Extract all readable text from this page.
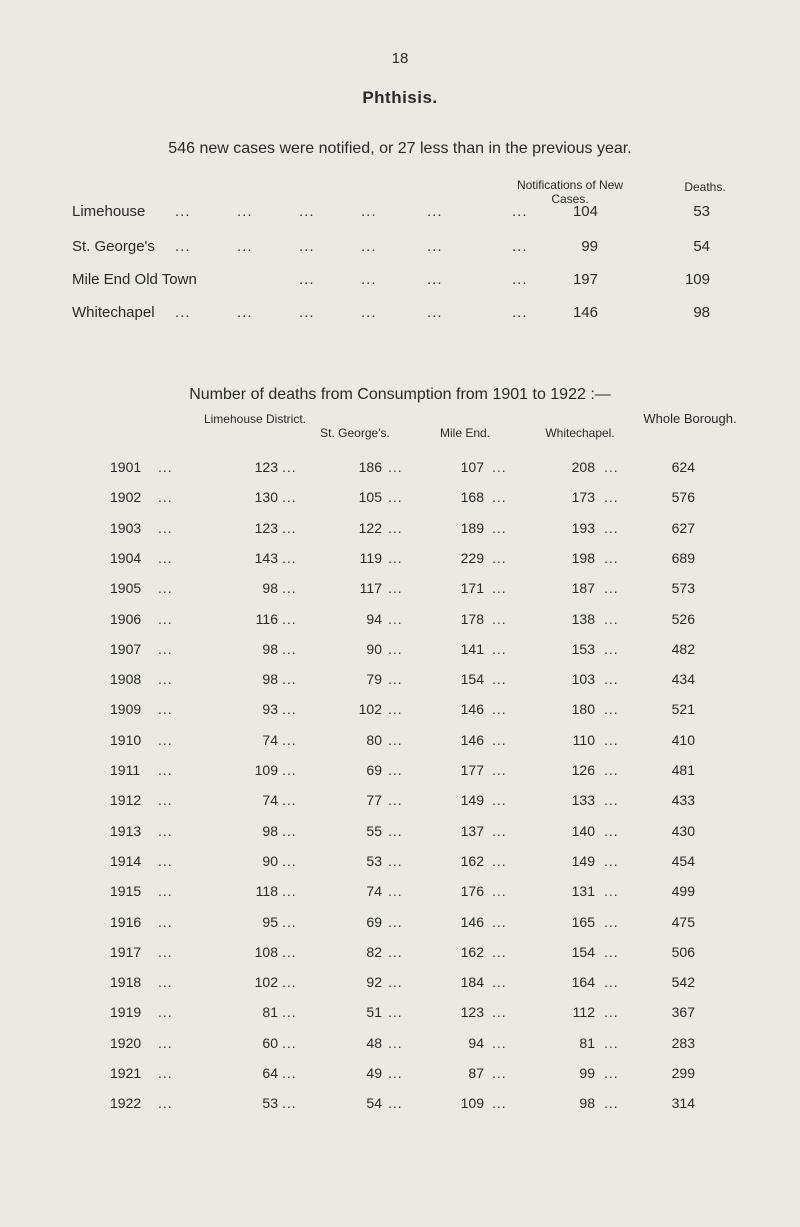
18
Phthisis.
546 new cases were notified, or 27 less than in the previous year.
Notifications of New Cases.
Deaths.
Limehouse	104	53
...	...	...	...	...	...
St. George's	99	54
...	...	...	...	...	...
Mile End Old Town	197	109
...	...	...	...
Whitechapel	146	98
...	...	...	...	...	...
Number of deaths from Consumption from 1901 to 1922 :—
Limehouse District.
St. George's.	Mile End.	Whitechapel.
Whole Borough.
1901	123	186	107	208	624
...	...	...	...	...
1902	130	105	168	173	576
...	...	...	...	...
1903	123	122	189	193	627
...	...	...	...	...
1904	143	119	229	198	689
...	...	...	...	...
1905	98	117	171	187	573
...	...	...	...	...
1906	116	94	178	138	526
...	...	...	...	...
1907	98	90	141	153	482
...	...	...	...	...
1908	98	79	154	103	434
...	...	...	...	...
1909	93	102	146	180	521
...	...	...	...	...
1910	74	80	146	110	410
...	...	...	...	...
1911	109	69	177	126	481
...	...	...	...	...
1912	74	77	149	133	433
...	...	...	...	...
1913	98	55	137	140	430
...	...	...	...	...
1914	90	53	162	149	454
...	...	...	...	...
1915	118	74	176	131	499
...	...	...	...	...
1916	95	69	146	165	475
...	...	...	...	...
1917	108	82	162	154	506
...	...	...	...	...
1918	102	92	184	164	542
...	...	...	...	...
1919	81	51	123	112	367
...	...	...	...	...
1920	60	48	94	81	283
...	...	...	...	...
1921	64	49	87	99	299
...	...	...	...	...
1922	53	54	109	98	314
...	...	...	...	...
